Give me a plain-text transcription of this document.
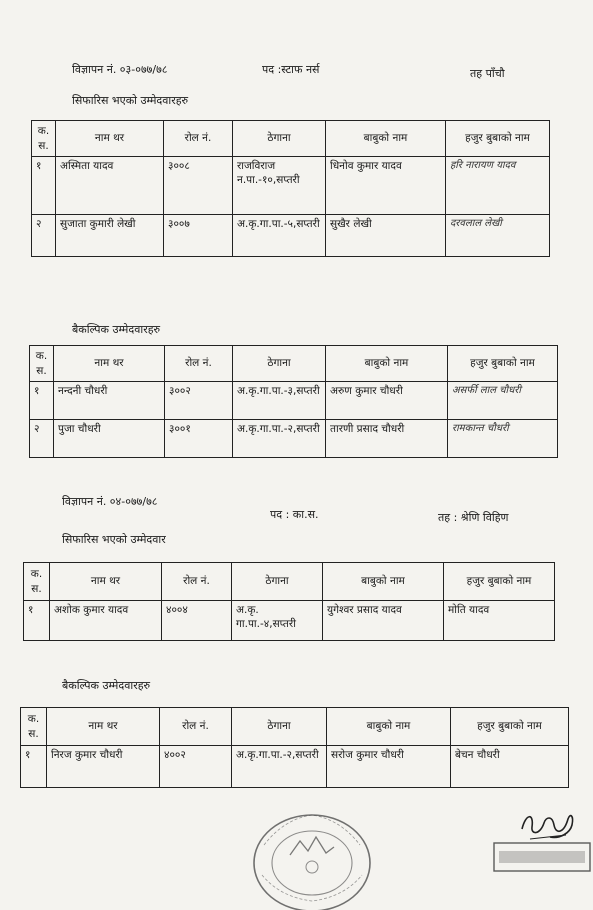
विज्ञापन नं. ०३-०७७/७८	पद :स्टाफ नर्स	तह पाँचौ
सिफारिस भएको उम्मेदवारहरु
क. स.	नाम थर	रोल नं.	ठेगाना	बाबुको नाम	हजुर बुबाको नाम
१	अस्मिता यादव	३००८	राजविराज न.पा.-१०,सप्तरी	धिनोव कुमार यादव	हरि नारायण यादव
२	सुजाता कुमारी लेखी	३००७	अ.कृ.गा.पा.-५,सप्तरी	सुखैर लेखी	दरवलाल लेखी
बैकल्पिक उम्मेदवारहरु
क. स.	नाम थर	रोल नं.	ठेगाना	बाबुको नाम	हजुर बुबाको नाम
१	नन्दनी चौधरी	३००२	अ.कृ.गा.पा.-३,सप्तरी	अरुण कुमार चौधरी	असर्फी लाल चौधरी
२	पुजा चौधरी	३००१	अ.कृ.गा.पा.-२,सप्तरी	तारणी प्रसाद चौधरी	रामकान्त चौधरी
विज्ञापन नं. ०४-०७७/७८
पद : का.स.	तह : श्रेणि विहिण
सिफारिस भएको उम्मेदवार
क. स.	नाम थर	रोल नं.	ठेगाना	बाबुको नाम	हजुर बुबाको नाम
१	अशोक कुमार यादव	४००४	अ.कृ. गा.पा.-४,सप्तरी	युगेश्वर प्रसाद यादव	मोति यादव
बैकल्पिक उम्मेदवारहरु
क. स.	नाम थर	रोल नं.	ठेगाना	बाबुको नाम	हजुर बुबाको नाम
१	निरज कुमार चौधरी	४००२	अ.कृ.गा.पा.-२,सप्तरी	सरोज कुमार चौधरी	बेचन चौधरी
